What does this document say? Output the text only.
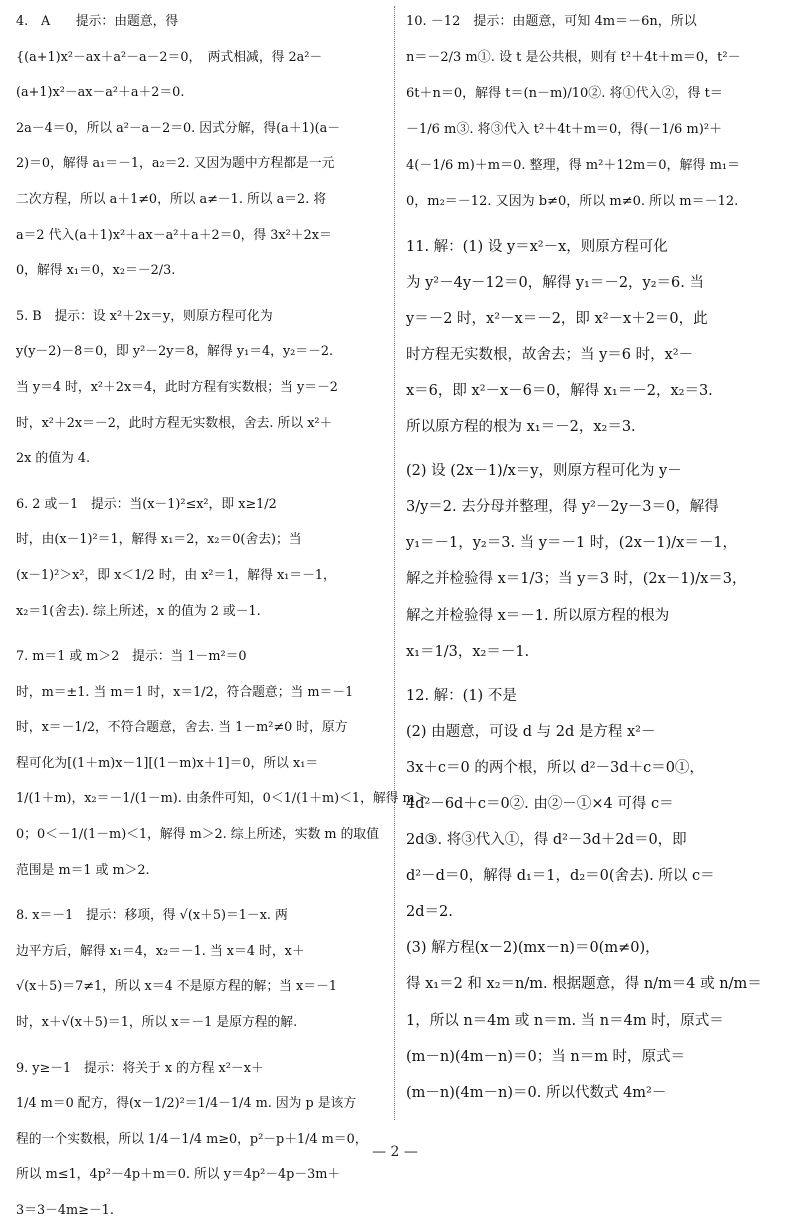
4.　A　　提示：由题意，得
{(a+1)x²－ax＋a²－a－2＝0，　两式相减，得 2a²－
(a+1)x²－ax－a²＋a＋2＝0.
2a－4＝0，所以 a²－a－2＝0. 因式分解，得(a＋1)(a－
2)＝0，解得 a₁＝－1，a₂＝2. 又因为题中方程都是一元
二次方程，所以 a＋1≠0，所以 a≠－1. 所以 a＝2. 将
a＝2 代入(a＋1)x²＋ax－a²＋a＋2＝0，得 3x²＋2x＝
0，解得 x₁＝0，x₂＝－2/3.
5. B　提示：设 x²＋2x＝y，则原方程可化为
y(y－2)－8＝0，即 y²－2y＝8，解得 y₁＝4，y₂＝－2.
当 y＝4 时，x²＋2x＝4，此时方程有实数根；当 y＝－2
时，x²＋2x＝－2，此时方程无实数根，舍去. 所以 x²＋
2x 的值为 4.
6. 2 或－1　提示：当(x－1)²≤x²，即 x≥1/2
时，由(x－1)²＝1，解得 x₁＝2，x₂＝0(舍去)；当
(x－1)²＞x²，即 x＜1/2 时，由 x²＝1，解得 x₁＝－1，
x₂＝1(舍去). 综上所述，x 的值为 2 或－1.
7. m＝1 或 m＞2　提示：当 1－m²＝0
时，m＝±1. 当 m＝1 时，x＝1/2，符合题意；当 m＝－1
时，x＝－1/2，不符合题意，舍去. 当 1－m²≠0 时，原方
程可化为[(1＋m)x－1][(1－m)x＋1]＝0，所以 x₁＝
1/(1＋m)，x₂＝－1/(1－m). 由条件可知，0＜1/(1＋m)＜1，解得 m＞
0；0＜－1/(1－m)＜1，解得 m＞2. 综上所述，实数 m 的取值
范围是 m＝1 或 m＞2.
8. x＝－1　提示：移项，得 √(x＋5)＝1－x. 两
边平方后，解得 x₁＝4，x₂＝－1. 当 x＝4 时，x＋
√(x＋5)＝7≠1，所以 x＝4 不是原方程的解；当 x＝－1
时，x＋√(x＋5)＝1，所以 x＝－1 是原方程的解.
9. y≥－1　提示：将关于 x 的方程 x²－x＋
1/4 m＝0 配方，得(x－1/2)²＝1/4－1/4 m. 因为 p 是该方
程的一个实数根，所以 1/4－1/4 m≥0，p²－p＋1/4 m＝0，
所以 m≤1，4p²－4p＋m＝0. 所以 y＝4p²－4p－3m＋
3＝3－4m≥－1.
10. －12　提示：由题意，可知 4m＝－6n，所以
n＝－2/3 m①. 设 t 是公共根，则有 t²＋4t＋m＝0，t²－
6t＋n＝0，解得 t＝(n－m)/10②. 将①代入②，得 t＝
－1/6 m③. 将③代入 t²＋4t＋m＝0，得(－1/6 m)²＋
4(－1/6 m)＋m＝0. 整理，得 m²＋12m＝0，解得 m₁＝
0，m₂＝－12. 又因为 b≠0，所以 m≠0. 所以 m＝－12.
11. 解：(1) 设 y＝x²－x，则原方程可化
为 y²－4y－12＝0，解得 y₁＝－2，y₂＝6. 当
y＝－2 时，x²－x＝－2，即 x²－x＋2＝0，此
时方程无实数根，故舍去；当 y＝6 时，x²－
x＝6，即 x²－x－6＝0，解得 x₁＝－2，x₂＝3.
所以原方程的根为 x₁＝－2，x₂＝3.
(2) 设 (2x－1)/x＝y，则原方程可化为 y－
3/y＝2. 去分母并整理，得 y²－2y－3＝0，解得
y₁＝－1，y₂＝3. 当 y＝－1 时，(2x－1)/x＝－1，
解之并检验得 x＝1/3；当 y＝3 时，(2x－1)/x＝3，
解之并检验得 x＝－1. 所以原方程的根为
x₁＝1/3，x₂＝－1.
12. 解：(1) 不是
(2) 由题意，可设 d 与 2d 是方程 x²－
3x＋c＝0 的两个根，所以 d²－3d＋c＝0①，
4d²－6d＋c＝0②. 由②－①×4 可得 c＝
2d③. 将③代入①，得 d²－3d＋2d＝0，即
d²－d＝0，解得 d₁＝1，d₂＝0(舍去). 所以 c＝
2d＝2.
(3) 解方程(x－2)(mx－n)＝0(m≠0)，
得 x₁＝2 和 x₂＝n/m. 根据题意，得 n/m＝4 或 n/m＝
1，所以 n＝4m 或 n＝m. 当 n＝4m 时，原式＝
(m－n)(4m－n)＝0；当 n＝m 时，原式＝
(m－n)(4m－n)＝0. 所以代数式 4m²－
— 2 —
